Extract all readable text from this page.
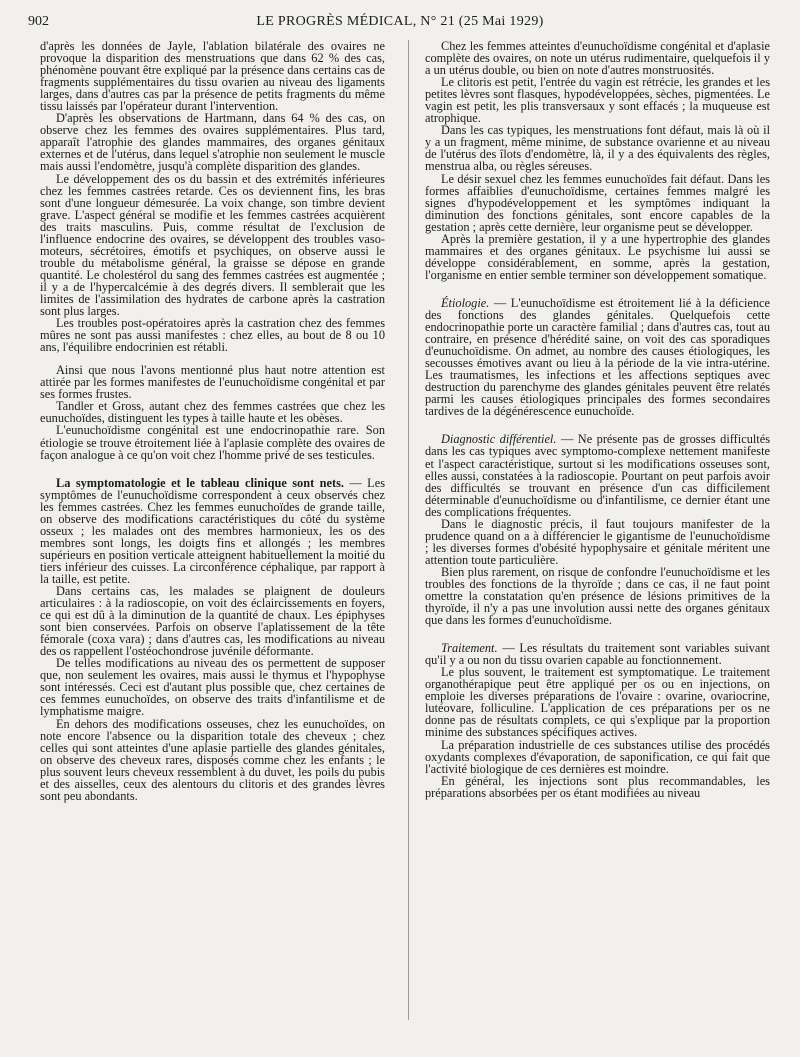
902	LE PROGRÈS MÉDICAL, N° 21 (25 Mai 1929)

d'après les données de Jayle, l'ablation bilatérale des ovaires ne provoque la disparition des menstruations que dans 62 % des cas, phénomène pouvant être expliqué par la présence dans certains cas de fragments supplémentaires du tissu ovarien au niveau des ligaments larges, dans d'autres cas par la présence de petits fragments du même tissu laissés par l'opérateur durant l'intervention.

D'après les observations de Hartmann, dans 64 % des cas, on observe chez les femmes des ovaires supplémentaires. Plus tard, apparaît l'atrophie des glandes mammaires, des organes génitaux externes et de l'utérus, dans lequel s'atrophie non seulement le muscle mais aussi l'endomètre, jusqu'à complète disparition des glandes.

Le développement des os du bassin et des extrémités inférieures chez les femmes castrées retarde. Ces os deviennent fins, les bras sont d'une longueur démesurée. La voix change, son timbre devient grave. L'aspect général se modifie et les femmes castrées acquièrent des traits masculins. Puis, comme résultat de l'exclusion de l'influence endocrine des ovaires, se développent des troubles vaso-moteurs, sécrétoires, émotifs et psychiques, on observe aussi le trouble du métabolisme général, la graisse se dépose en grande quantité. Le cholestérol du sang des femmes castrées est augmentée ; il y a de l'hypercalcémie à des degrés divers. Il semblerait que les limites de l'assimilation des hydrates de carbone après la castration sont plus larges.

Les troubles post-opératoires après la castration chez des femmes mûres ne sont pas aussi manifestes : chez elles, au bout de 8 ou 10 ans, l'équilibre endocrinien est rétabli.

Ainsi que nous l'avons mentionné plus haut notre attention est attirée par les formes manifestes de l'eunuchoïdisme congénital et par ses formes frustes.

Tandler et Gross, autant chez des femmes castrées que chez les eunuchoïdes, distinguent les types à taille haute et les obèses.

L'eunuchoïdisme congénital est une endocrinopathie rare. Son étiologie se trouve étroitement liée à l'aplasie complète des ovaires de façon analogue à ce qu'on voit chez l'homme privé de ses testicules.

La symptomatologie et le tableau clinique sont nets. — Les symptômes de l'eunuchoïdisme correspondent à ceux observés chez les femmes castrées. Chez les femmes eunuchoïdes de grande taille, on observe des modifications caractéristiques du côté du système osseux ; les malades ont des membres harmonieux, les os des membres sont longs, les doigts fins et allongés ; les membres supérieurs en position verticale atteignent habituellement la moitié du tiers inférieur des cuisses. La circonférence céphalique, par rapport à la taille, est petite.

Dans certains cas, les malades se plaignent de douleurs articulaires : à la radioscopie, on voit des éclaircissements en foyers, ce qui est dû à la diminution de la quantité de chaux. Les épiphyses sont bien conservées. Parfois on observe l'aplatissement de la tête fémorale (coxa vara) ; dans d'autres cas, les modifications au niveau des os rappellent l'ostéochondrose juvénile déformante.

De telles modifications au niveau des os permettent de supposer que, non seulement les ovaires, mais aussi le thymus et l'hypophyse sont intéressés. Ceci est d'autant plus possible que, chez certaines de ces femmes eunuchoïdes, on observe des traits d'infantilisme et de lymphatisme maigre.

En dehors des modifications osseuses, chez les eunuchoïdes, on note encore l'absence ou la disparition totale des cheveux ; chez celles qui sont atteintes d'une aplasie partielle des glandes génitales, on observe des cheveux rares, disposés comme chez les enfants ; le plus souvent leurs cheveux ressemblent à du duvet, les poils du pubis et des aisselles, ceux des alentours du clitoris et des grandes lèvres sont peu abondants.

Chez les femmes atteintes d'eunuchoïdisme congénital et d'aplasie complète des ovaires, on note un utérus rudimentaire, quelquefois il y a un utérus double, ou bien on note d'autres monstruosités.

Le clitoris est petit, l'entrée du vagin est rétrécie, les grandes et les petites lèvres sont flasques, hypodéveloppées, sèches, pigmentées. Le vagin est petit, les plis transversaux y sont effacés ; la muqueuse est atrophique.

Dans les cas typiques, les menstruations font défaut, mais là où il y a un fragment, même minime, de substance ovarienne et au niveau de l'utérus des îlots d'endomètre, là, il y a des équivalents des règles, menstrua alba, ou règles séreuses.

Le désir sexuel chez les femmes eunuchoïdes fait défaut. Dans les formes affaiblies d'eunuchoïdisme, certaines femmes malgré les signes d'hypodéveloppement et les symptômes indiquant la diminution des fonctions génitales, sont encore capables de la gestation ; après cette dernière, leur organisme peut se développer.

Après la première gestation, il y a une hypertrophie des glandes mammaires et des organes génitaux. Le psychisme lui aussi se développe considérablement, en somme, après la gestation, l'organisme en entier semble terminer son développement somatique.

Étiologie. — L'eunuchoïdisme est étroitement lié à la déficience des fonctions des glandes génitales. Quelquefois cette endocrinopathie porte un caractère familial ; dans d'autres cas, tout au contraire, en présence d'hérédité saine, on voit des cas sporadiques d'eunuchoïdisme. On admet, au nombre des causes étiologiques, les secousses émotives avant ou lieu à la période de la vie intra-utérine. Les traumatismes, les infections et les affections septiques avec destruction du parenchyme des glandes génitales peuvent être relatés parmi les causes étiologiques principales des formes secondaires tardives de la dégénérescence eunuchoïde.

Diagnostic différentiel. — Ne présente pas de grosses difficultés dans les cas typiques avec symptomo-complexe nettement manifeste et l'aspect caractéristique, surtout si les modifications osseuses sont, elles aussi, constatées à la radioscopie. Pourtant on peut parfois avoir des difficultés se trouvant en présence d'un cas difficilement déterminable d'eunuchoïdisme ou d'infantilisme, ce dernier étant une des complications fréquentes.

Dans le diagnostic précis, il faut toujours manifester de la prudence quand on a à différencier le gigantisme de l'eunuchoïdisme ; les diverses formes d'obésité hypophysaire et génitale méritent une attention toute particulière.

Bien plus rarement, on risque de confondre l'eunuchoïdisme et les troubles des fonctions de la thyroïde ; dans ce cas, il ne faut point omettre la constatation qu'en présence de lésions primitives de la thyroïde, il n'y a pas une involution aussi nette des organes génitaux que dans les formes d'eunuchoïdisme.

Traitement. — Les résultats du traitement sont variables suivant qu'il y a ou non du tissu ovarien capable au fonctionnement.

Le plus souvent, le traitement est symptomatique. Le traitement organothérapique peut être appliqué per os ou en injections, on emploie les diverses préparations de l'ovaire : ovarine, ovariocrine, lutéovare, folliculine. L'application de ces préparations per os ne donne pas de résultats complets, ce qui s'explique par la proportion minime des substances spécifiques actives.

La préparation industrielle de ces substances utilise des procédés oxydants complexes d'évaporation, de saponification, ce qui fait que l'activité biologique de ces dernières est moindre.

En général, les injections sont plus recommandables, les préparations absorbées per os étant modifiées au niveau
